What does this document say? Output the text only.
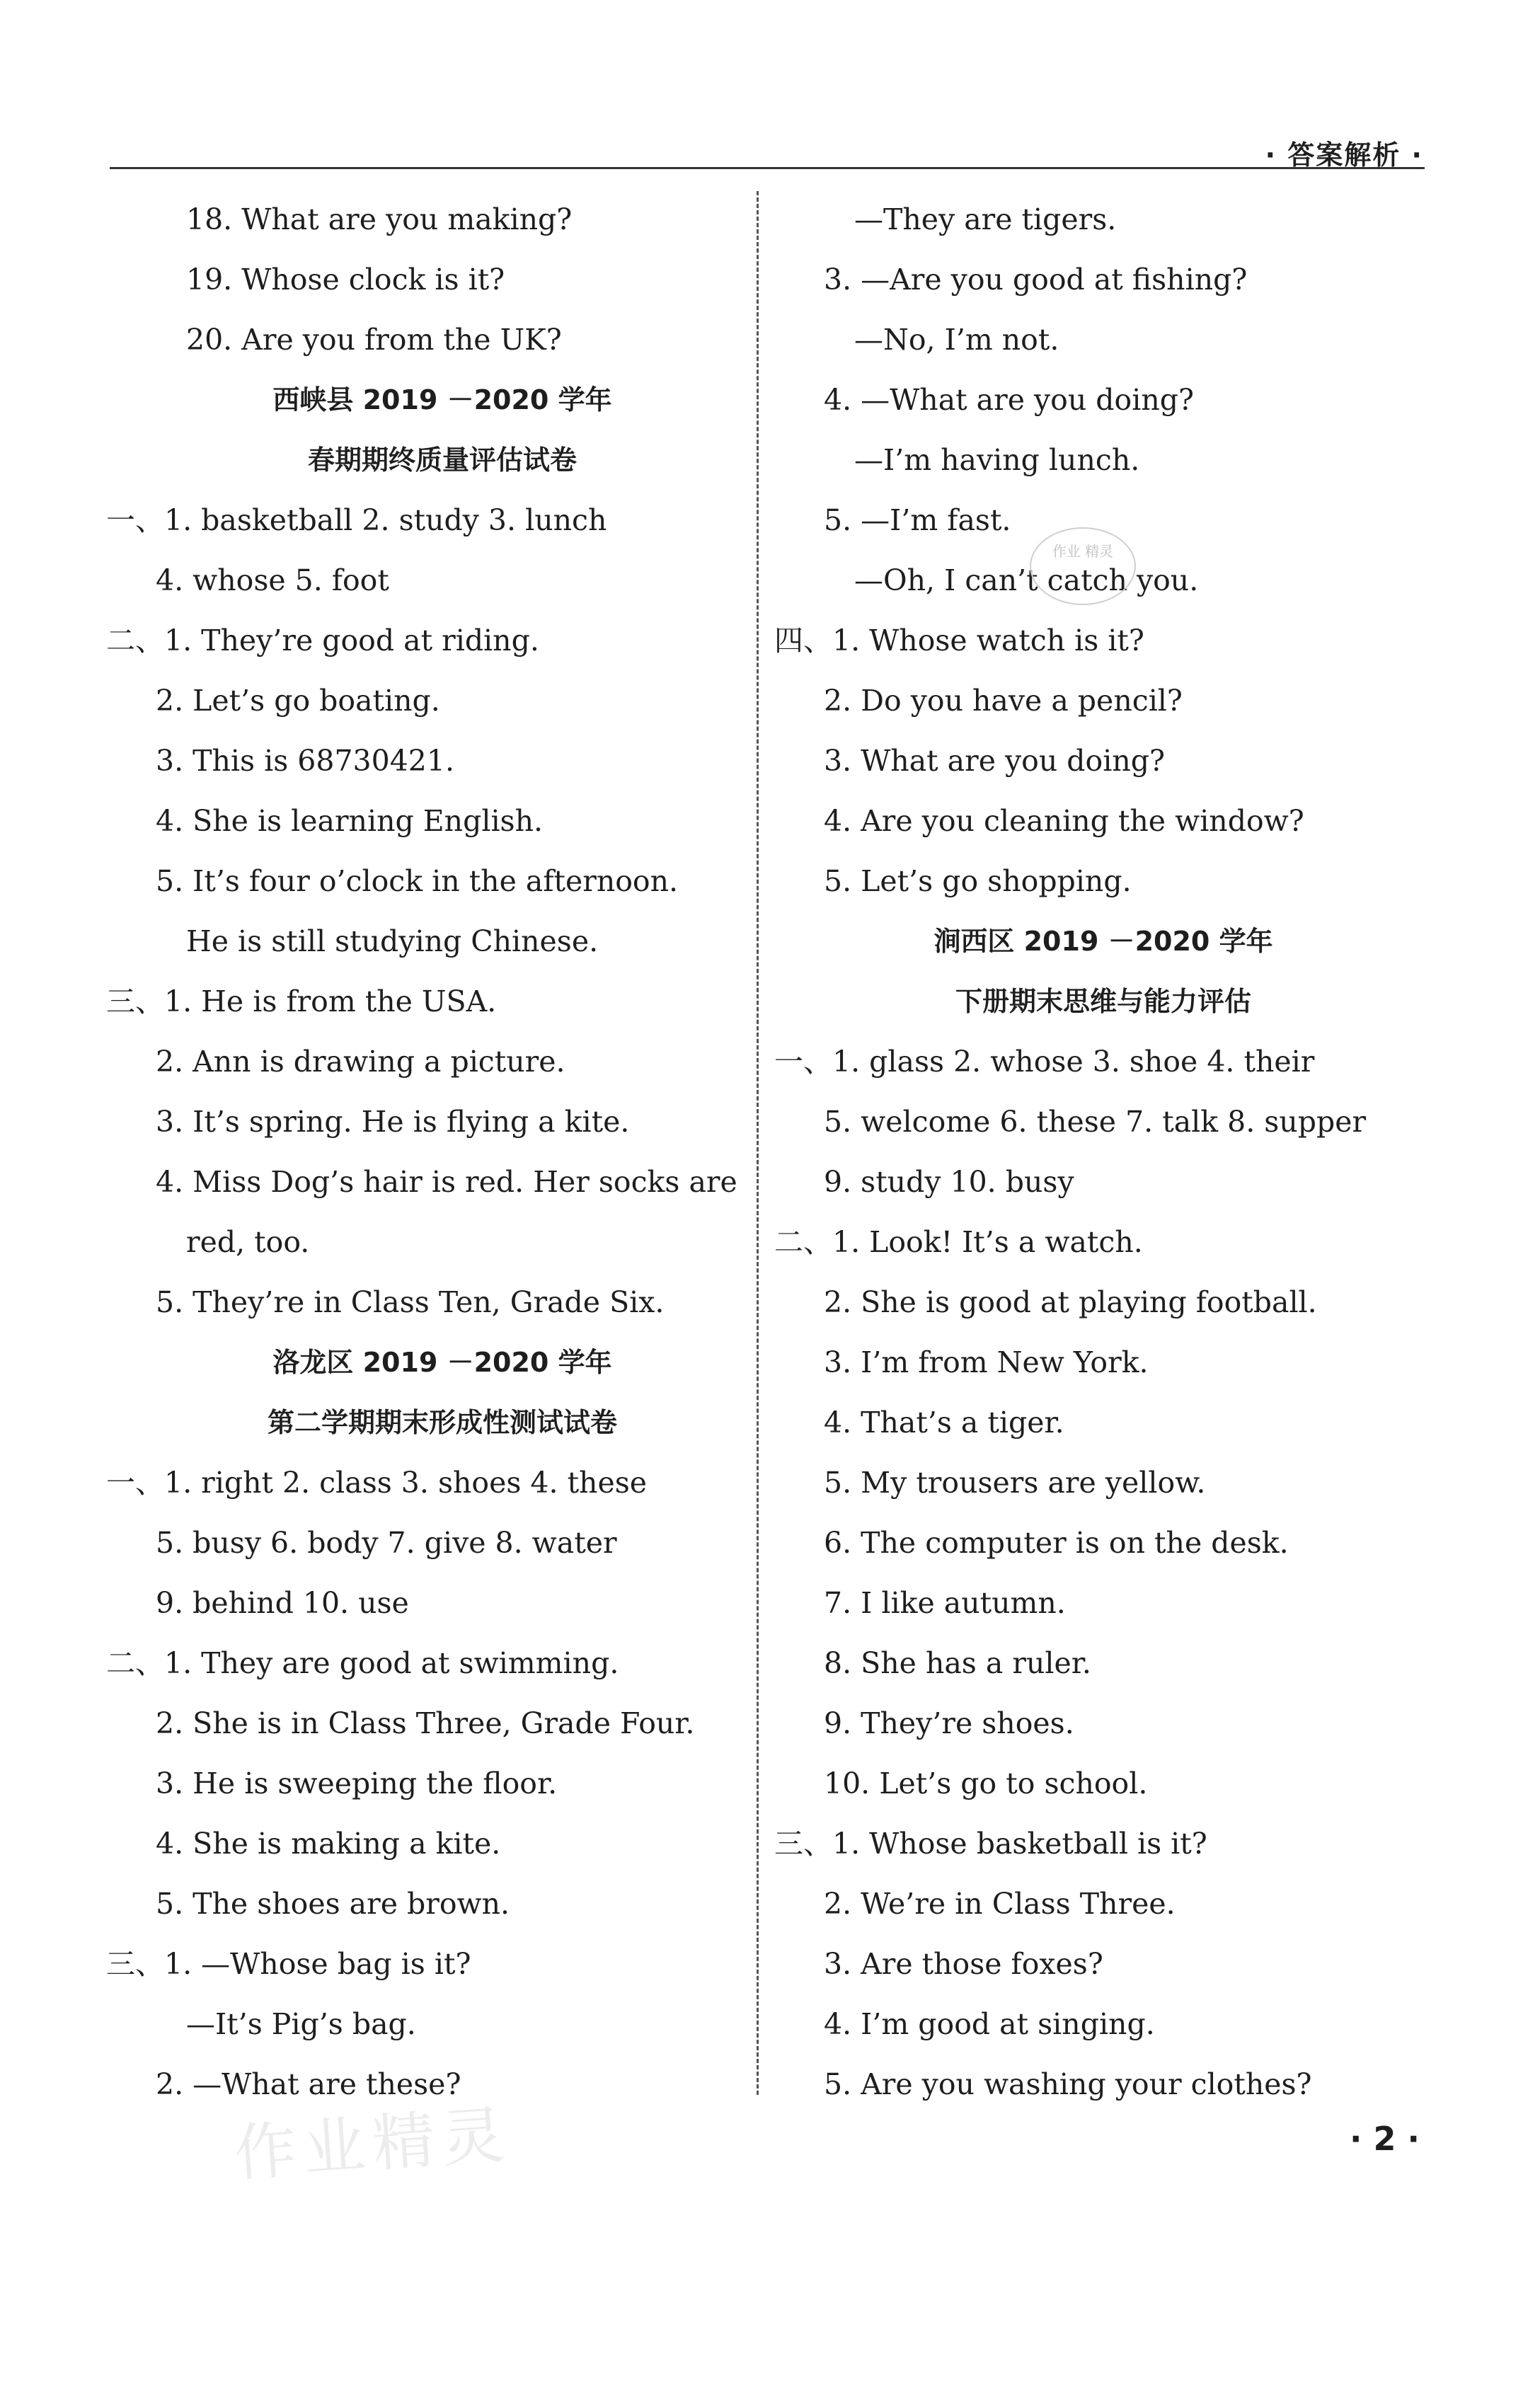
· 答案解析 ·
18. What are you making?
19. Whose clock is it?
20. Are you from the UK?
西峡县 2019 －2020 学年
春期期终质量评估试卷
一、1. basketball 2. study 3. lunch
4. whose 5. foot
二、1. They’re good at riding.
2. Let’s go boating.
3. This is 68730421.
4. She is learning English.
5. It’s four o’clock in the afternoon.
He is still studying Chinese.
三、1. He is from the USA.
2. Ann is drawing a picture.
3. It’s spring. He is flying a kite.
4. Miss Dog’s hair is red. Her socks are
red, too.
5. They’re in Class Ten, Grade Six.
洛龙区 2019 －2020 学年
第二学期期末形成性测试试卷
一、1. right 2. class 3. shoes 4. these
5. busy 6. body 7. give 8. water
9. behind 10. use
二、1. They are good at swimming.
2. She is in Class Three, Grade Four.
3. He is sweeping the floor.
4. She is making a kite.
5. The shoes are brown.
三、1. —Whose bag is it?
—It’s Pig’s bag.
2. —What are these?
—They are tigers.
3. —Are you good at fishing?
—No, I’m not.
4. —What are you doing?
—I’m having lunch.
5. —I’m fast.
—Oh, I can’t catch you.
四、1. Whose watch is it?
2. Do you have a pencil?
3. What are you doing?
4. Are you cleaning the window?
5. Let’s go shopping.
涧西区 2019 －2020 学年
下册期末思维与能力评估
一、1. glass 2. whose 3. shoe 4. their
5. welcome 6. these 7. talk 8. supper
9. study 10. busy
二、1. Look! It’s a watch.
2. She is good at playing football.
3. I’m from New York.
4. That’s a tiger.
5. My trousers are yellow.
6. The computer is on the desk.
7. I like autumn.
8. She has a ruler.
9. They’re shoes.
10. Let’s go to school.
三、1. Whose basketball is it?
2. We’re in Class Three.
3. Are those foxes?
4. I’m good at singing.
5. Are you washing your clothes?
作业 精灵
作业精灵	· 2 ·
